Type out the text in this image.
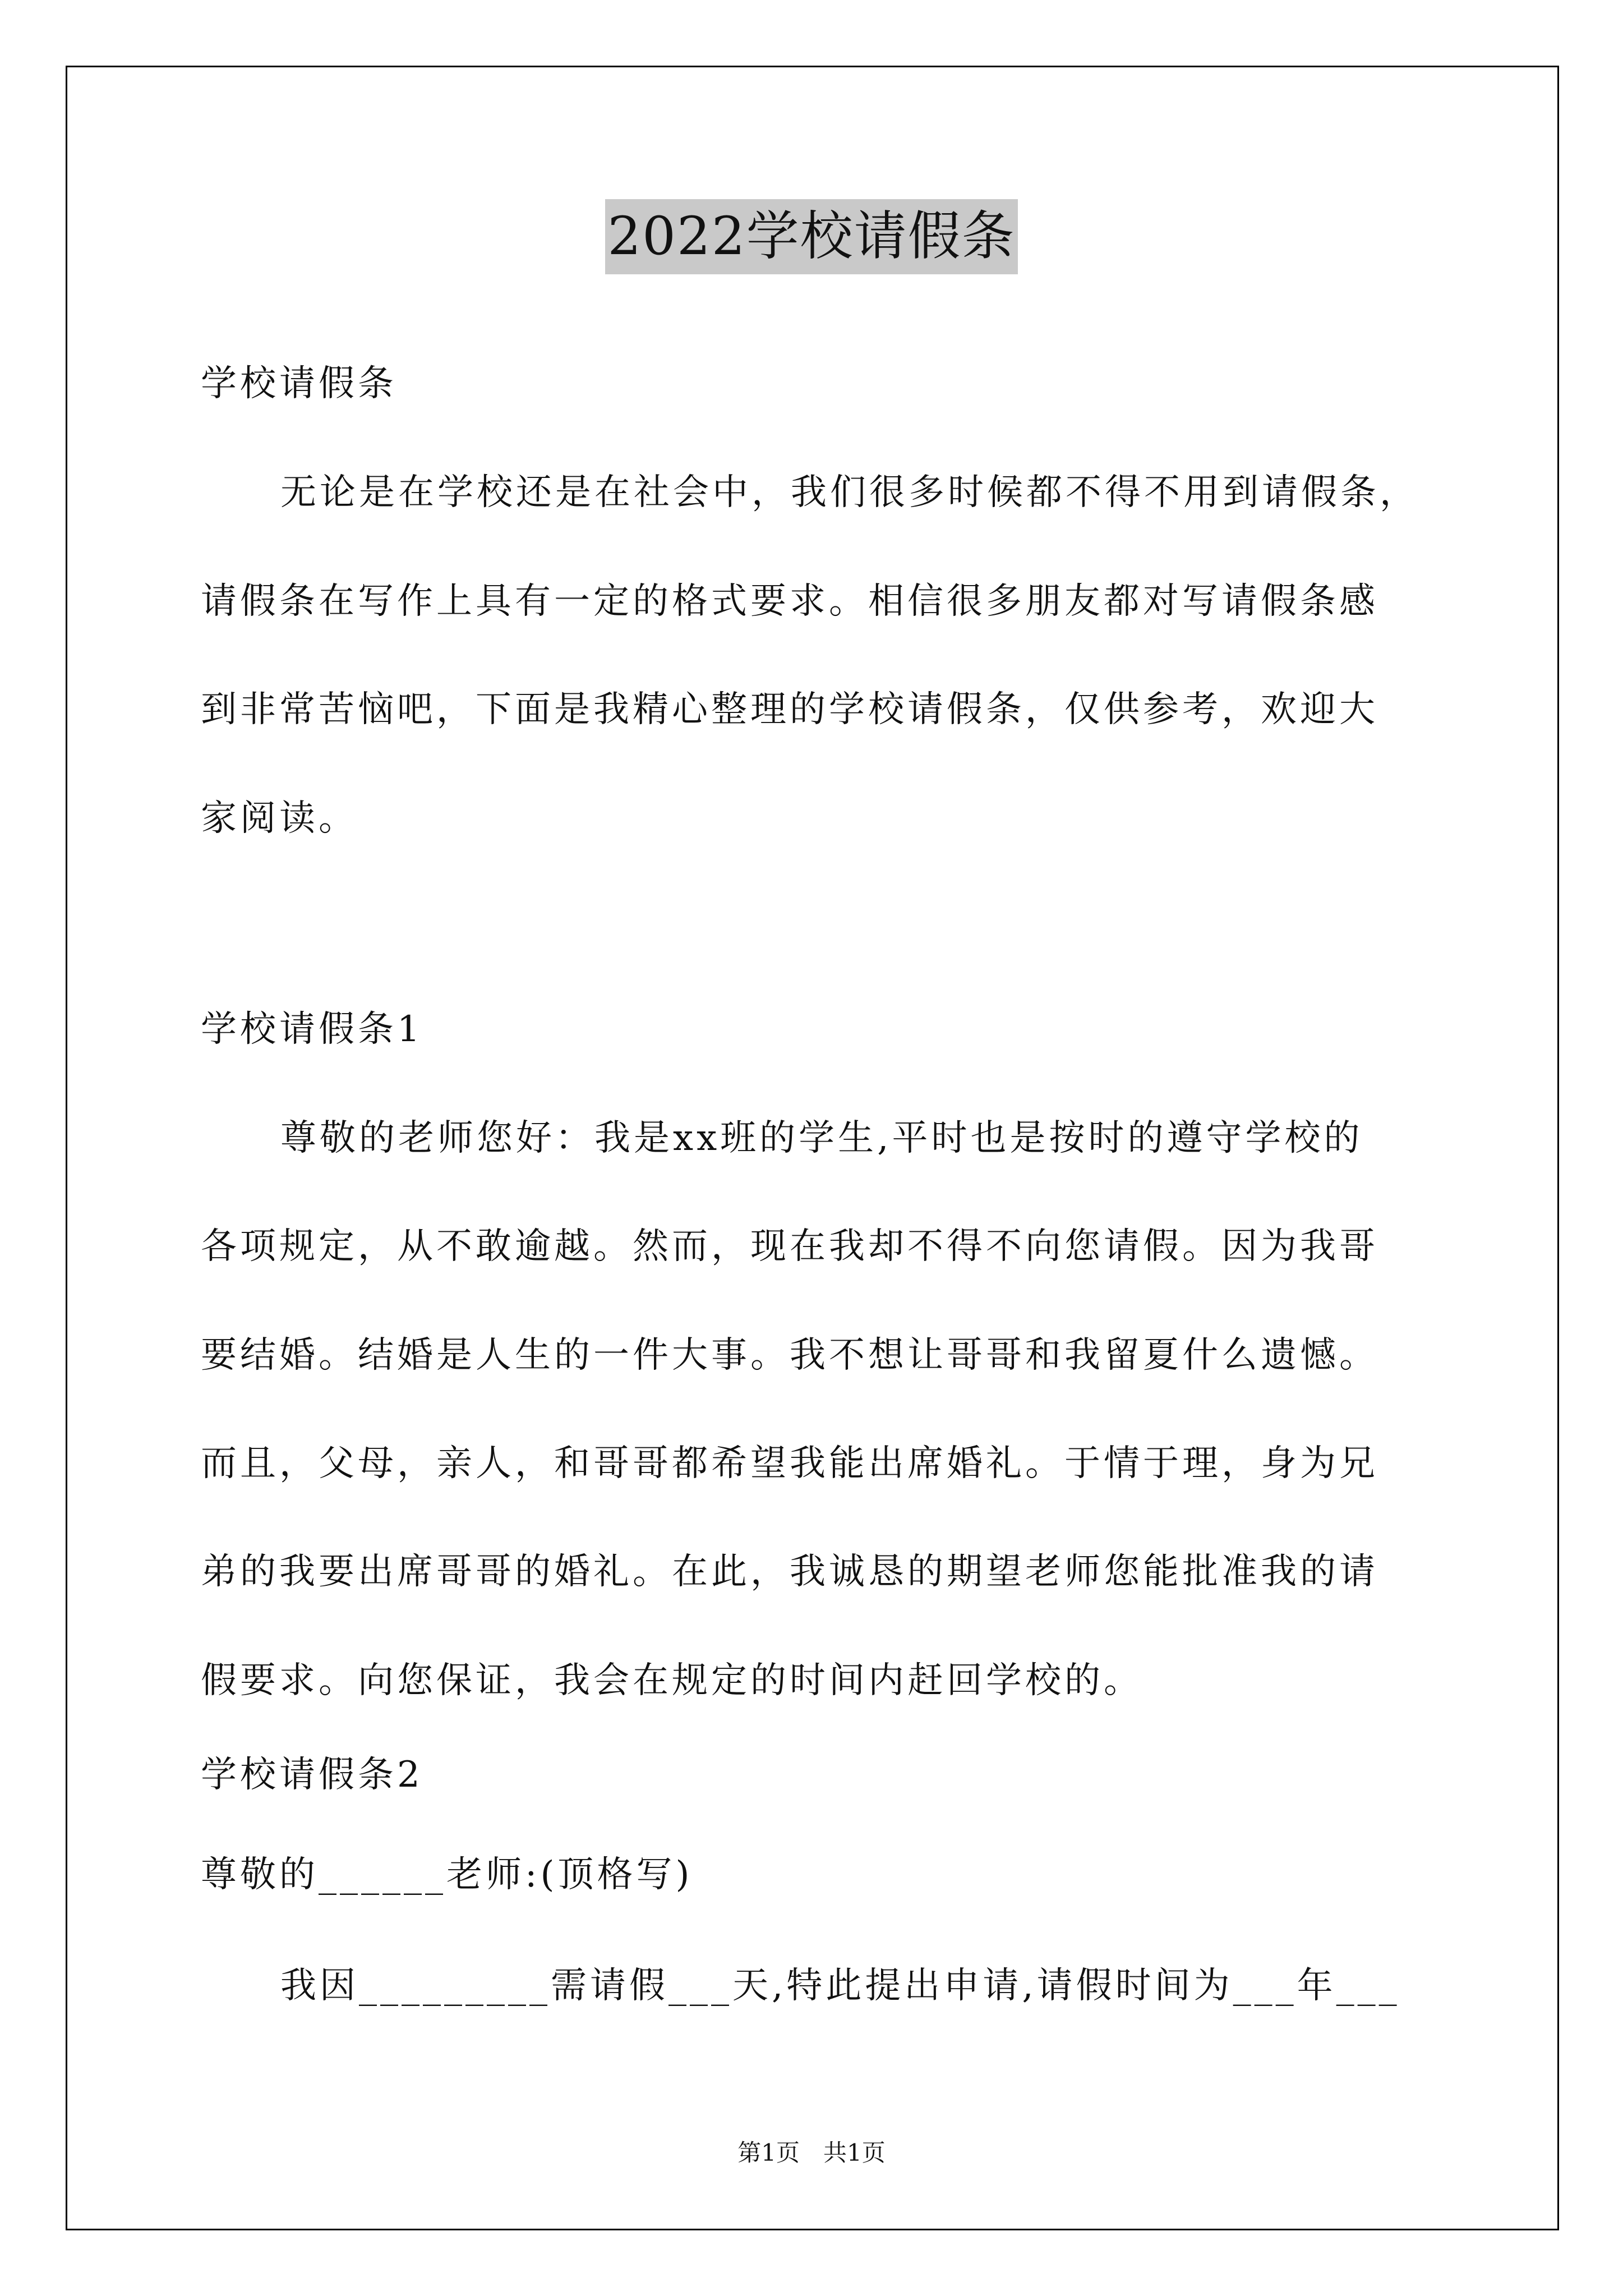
2022学校请假条
学校请假条
无论是在学校还是在社会中，我们很多时候都不得不用到请假条，
请假条在写作上具有一定的格式要求。相信很多朋友都对写请假条感
到非常苦恼吧，下面是我精心整理的学校请假条，仅供参考，欢迎大
家阅读。
学校请假条1
尊敬的老师您好：我是xx班的学生,平时也是按时的遵守学校的
各项规定，从不敢逾越。然而，现在我却不得不向您请假。因为我哥
要结婚。结婚是人生的一件大事。我不想让哥哥和我留夏什么遗憾。
而且，父母，亲人，和哥哥都希望我能出席婚礼。于情于理，身为兄
弟的我要出席哥哥的婚礼。在此，我诚恳的期望老师您能批准我的请
假要求。向您保证，我会在规定的时间内赶回学校的。
学校请假条2
尊敬的______老师:(顶格写)
我因_________需请假___天,特此提出申请,请假时间为___年___
第1页　共1页
